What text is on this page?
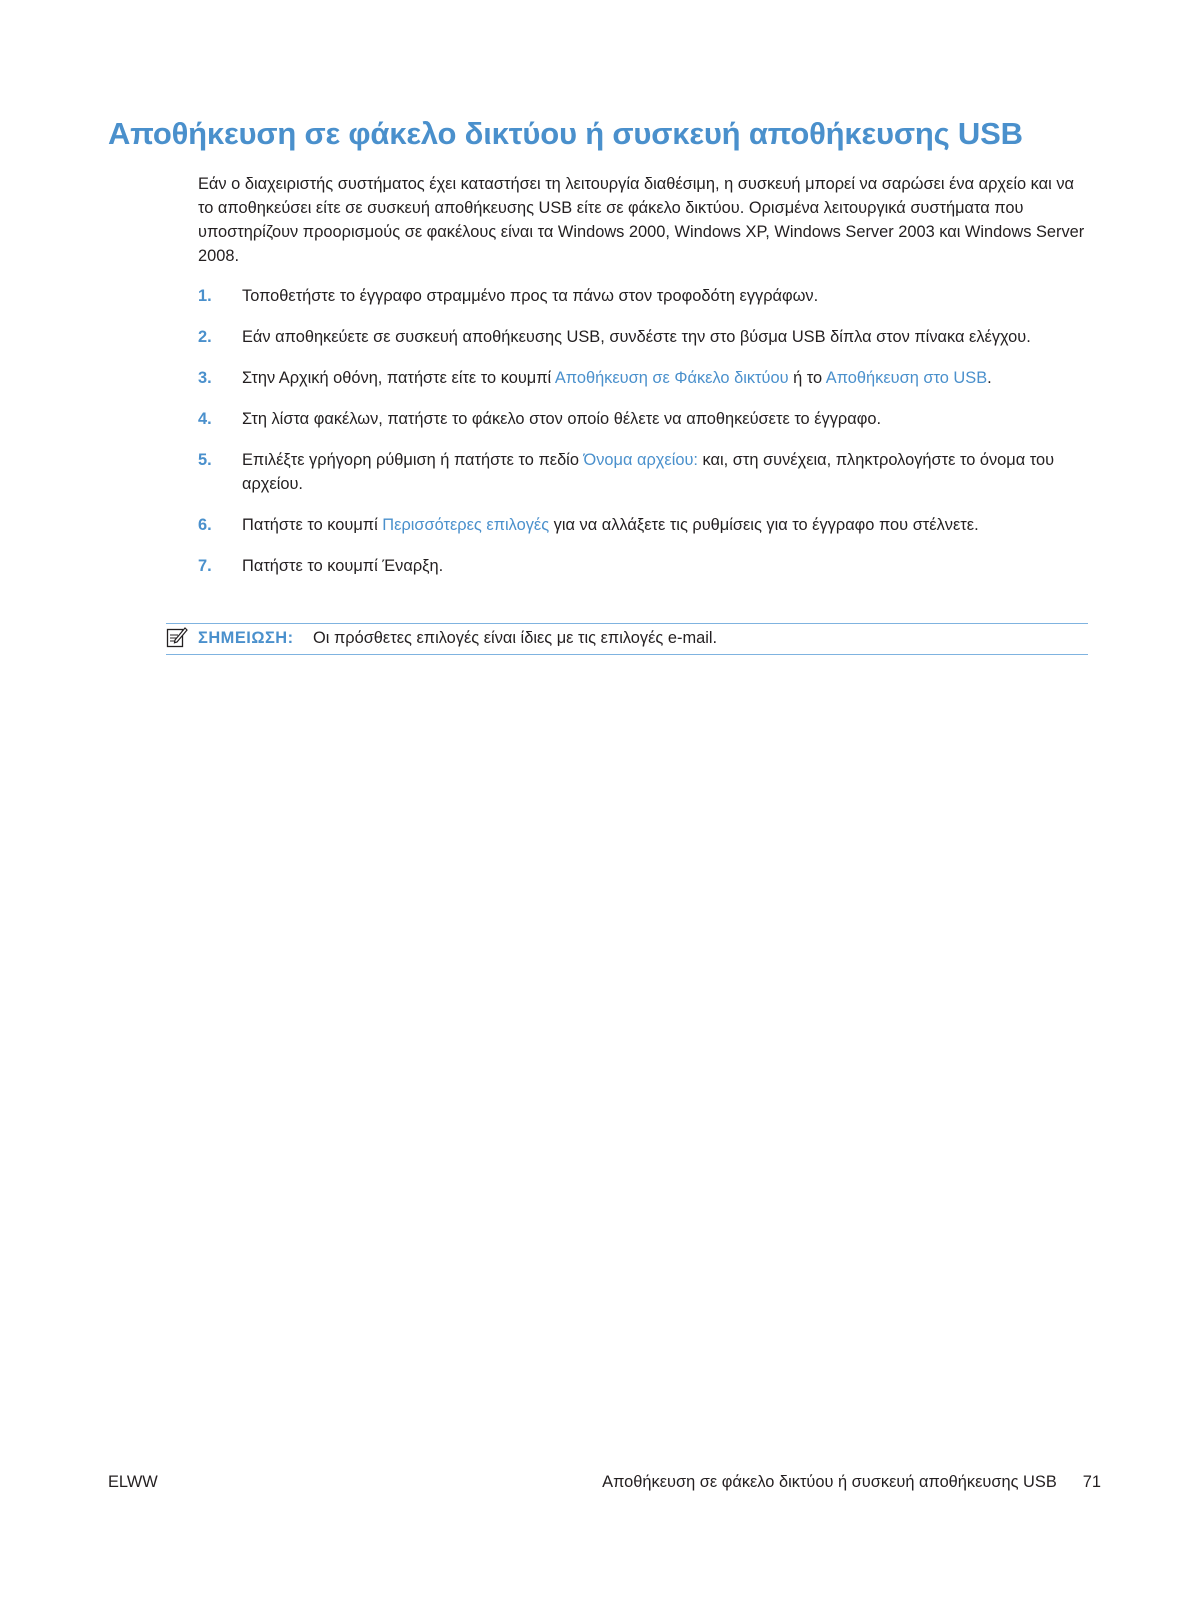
Αποθήκευση σε φάκελο δικτύου ή συσκευή αποθήκευσης USB

Εάν ο διαχειριστής συστήματος έχει καταστήσει τη λειτουργία διαθέσιμη, η συσκευή μπορεί να σαρώσει ένα αρχείο και να το αποθηκεύσει είτε σε συσκευή αποθήκευσης USB είτε σε φάκελο δικτύου. Ορισμένα λειτουργικά συστήματα που υποστηρίζουν προορισμούς σε φακέλους είναι τα Windows 2000, Windows XP, Windows Server 2003 και Windows Server 2008.

1. Τοποθετήστε το έγγραφο στραμμένο προς τα πάνω στον τροφοδότη εγγράφων.
2. Εάν αποθηκεύετε σε συσκευή αποθήκευσης USB, συνδέστε την στο βύσμα USB δίπλα στον πίνακα ελέγχου.
3. Στην Αρχική οθόνη, πατήστε είτε το κουμπί Αποθήκευση σε Φάκελο δικτύου ή το Αποθήκευση στο USB.
4. Στη λίστα φακέλων, πατήστε το φάκελο στον οποίο θέλετε να αποθηκεύσετε το έγγραφο.
5. Επιλέξτε γρήγορη ρύθμιση ή πατήστε το πεδίο Όνομα αρχείου: και, στη συνέχεια, πληκτρολογήστε το όνομα του αρχείου.
6. Πατήστε το κουμπί Περισσότερες επιλογές για να αλλάξετε τις ρυθμίσεις για το έγγραφο που στέλνετε.
7. Πατήστε το κουμπί Έναρξη.
ΣΗΜΕΙΩΣΗ: Οι πρόσθετες επιλογές είναι ίδιες με τις επιλογές e-mail.
ELWW	Αποθήκευση σε φάκελο δικτύου ή συσκευή αποθήκευσης USB 71
